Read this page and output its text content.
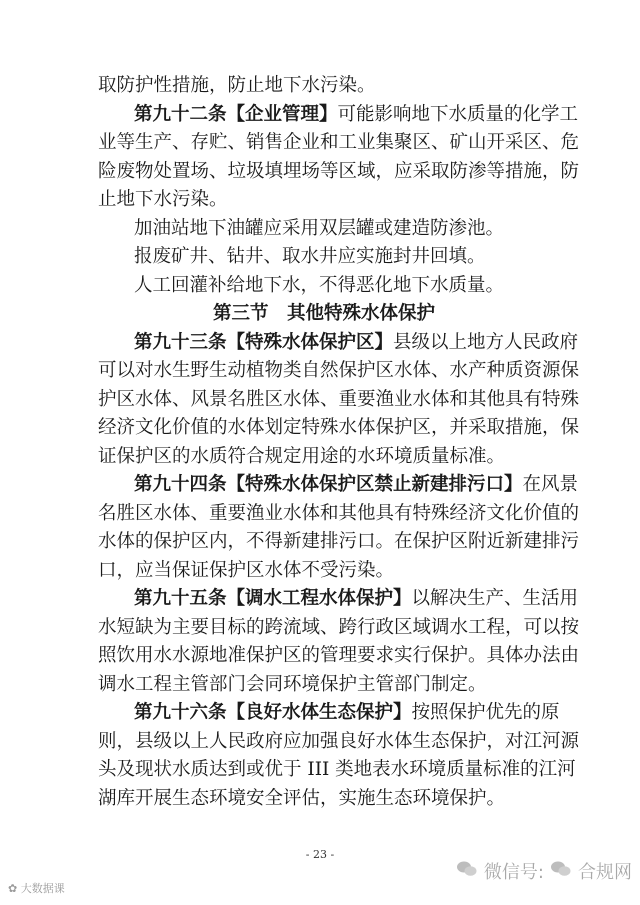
取防护性措施，防止地下水污染。
第九十二条【企业管理】可能影响地下水质量的化学工
业等生产、存贮、销售企业和工业集聚区、矿山开采区、危
险废物处置场、垃圾填埋场等区域，应采取防渗等措施，防
止地下水污染。
加油站地下油罐应采用双层罐或建造防渗池。
报废矿井、钻井、取水井应实施封井回填。
人工回灌补给地下水，不得恶化地下水质量。
第三节　其他特殊水体保护
第九十三条【特殊水体保护区】县级以上地方人民政府
可以对水生野生动植物类自然保护区水体、水产种质资源保
护区水体、风景名胜区水体、重要渔业水体和其他具有特殊
经济文化价值的水体划定特殊水体保护区，并采取措施，保
证保护区的水质符合规定用途的水环境质量标准。
第九十四条【特殊水体保护区禁止新建排污口】在风景
名胜区水体、重要渔业水体和其他具有特殊经济文化价值的
水体的保护区内，不得新建排污口。在保护区附近新建排污
口，应当保证保护区水体不受污染。
第九十五条【调水工程水体保护】以解决生产、生活用
水短缺为主要目标的跨流域、跨行政区域调水工程，可以按
照饮用水水源地准保护区的管理要求实行保护。具体办法由
调水工程主管部门会同环境保护主管部门制定。
第九十六条【良好水体生态保护】按照保护优先的原
则，县级以上人民政府应加强良好水体生态保护，对江河源
头及现状水质达到或优于 III 类地表水环境质量标准的江河
湖库开展生态环境安全评估，实施生态环境保护。
- 23 -
✿ 大数据课
微信号: 合规网
